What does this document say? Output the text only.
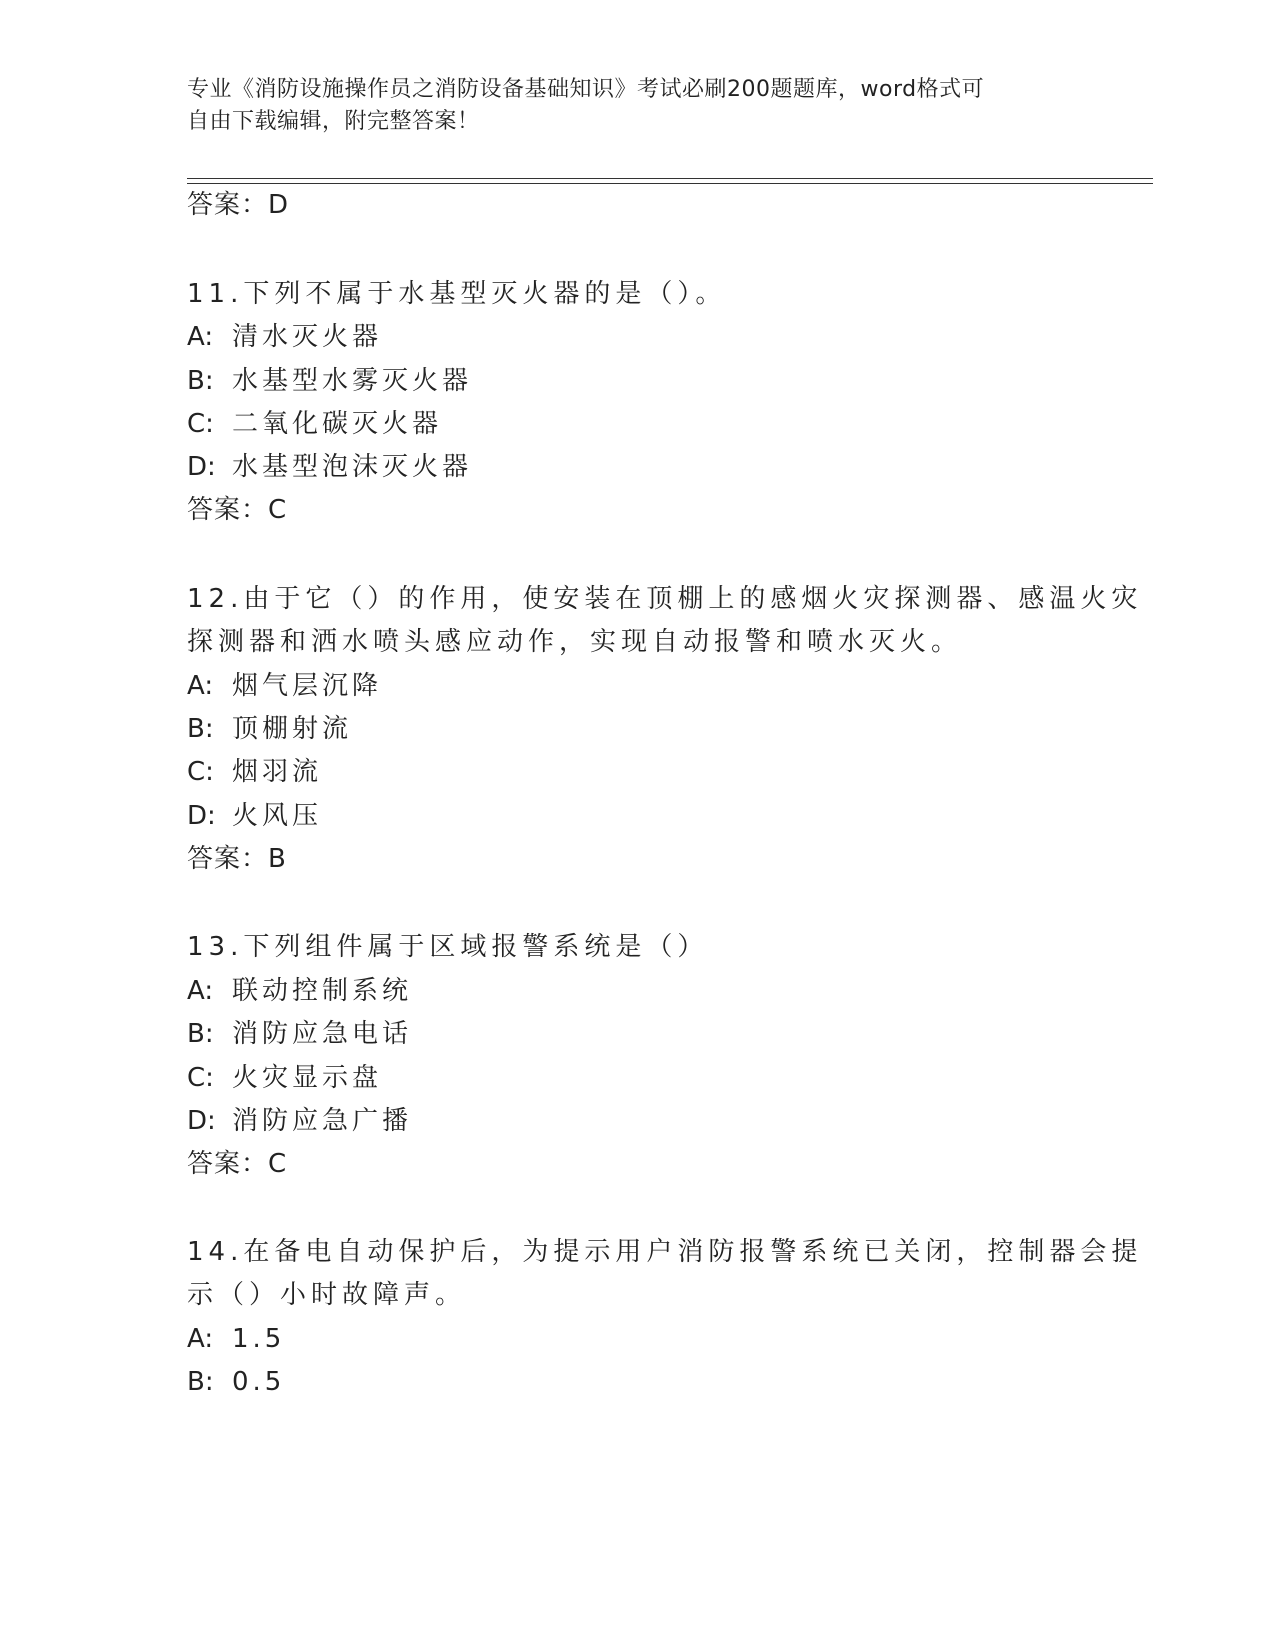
专业《消防设施操作员之消防设备基础知识》考试必刷200题题库，word格式可
自由下载编辑，附完整答案！
答案：D
11.下列不属于水基型灭火器的是（）。
A: 清水灭火器
B: 水基型水雾灭火器
C: 二氧化碳灭火器
D: 水基型泡沫灭火器
答案：C
12.由于它（）的作用，使安装在顶棚上的感烟火灾探测器、感温火灾
探测器和洒水喷头感应动作，实现自动报警和喷水灭火。
A: 烟气层沉降
B: 顶棚射流
C: 烟羽流
D: 火风压
答案：B
13.下列组件属于区域报警系统是（）
A: 联动控制系统
B: 消防应急电话
C: 火灾显示盘
D: 消防应急广播
答案：C
14.在备电自动保护后，为提示用户消防报警系统已关闭，控制器会提
示（）小时故障声。
A: 1.5
B: 0.5
